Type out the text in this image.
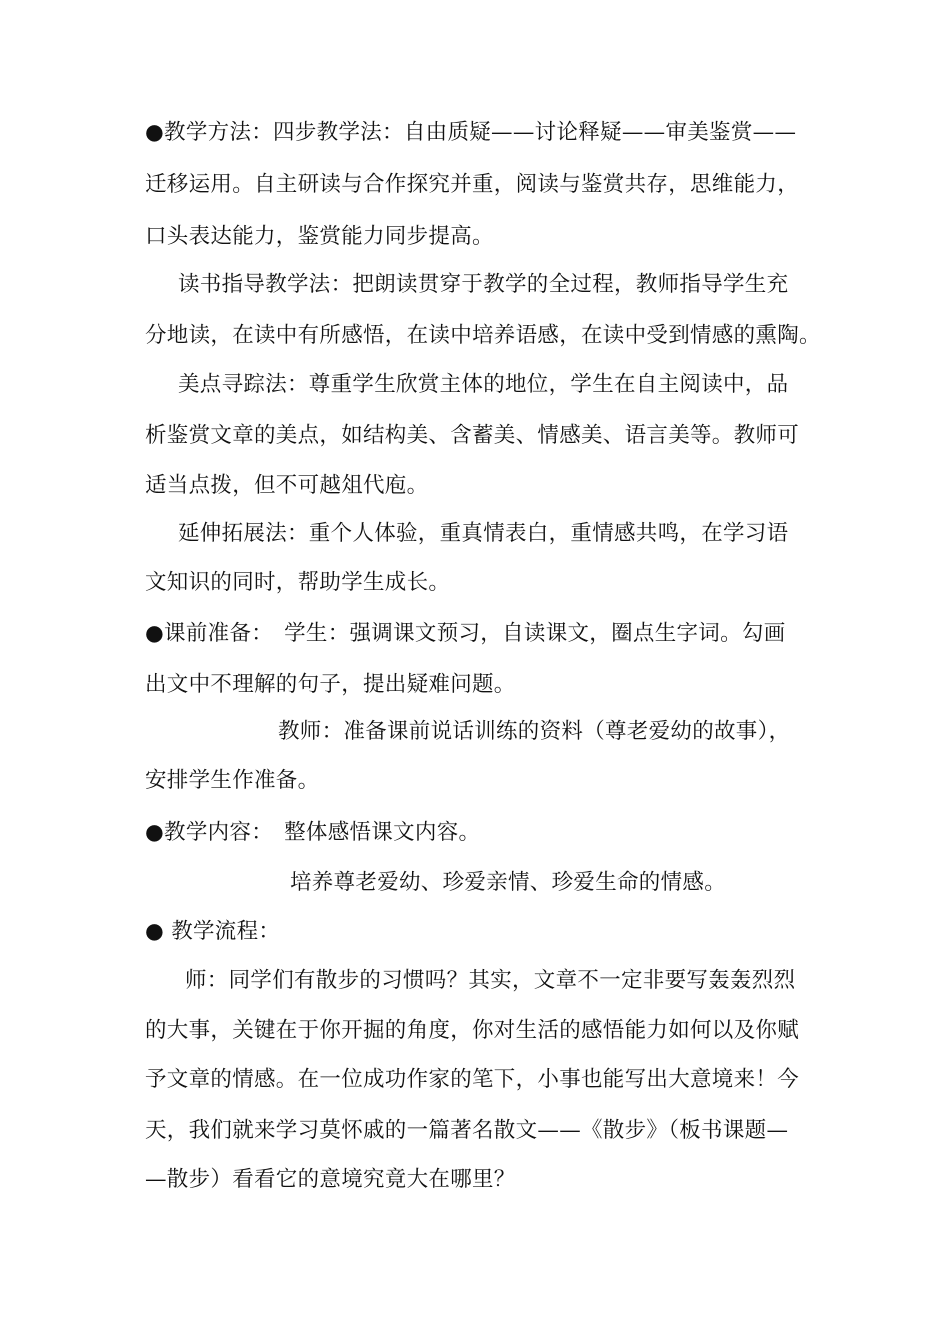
●教学方法：四步教学法：自由质疑——讨论释疑——审美鉴赏——
迁移运用。自主研读与合作探究并重，阅读与鉴赏共存，思维能力，
口头表达能力，鉴赏能力同步提高。
读书指导教学法：把朗读贯穿于教学的全过程，教师指导学生充
分地读，在读中有所感悟，在读中培养语感，在读中受到情感的熏陶。
美点寻踪法：尊重学生欣赏主体的地位，学生在自主阅读中，品
析鉴赏文章的美点，如结构美、含蓄美、情感美、语言美等。教师可
适当点拨，但不可越俎代庖。
延伸拓展法：重个人体验，重真情表白，重情感共鸣，在学习语
文知识的同时，帮助学生成长。
●课前准备：　学生：强调课文预习，自读课文，圈点生字词。勾画
出文中不理解的句子，提出疑难问题。
教师：准备课前说话训练的资料（尊老爱幼的故事），
安排学生作准备。
●教学内容：　整体感悟课文内容。
培养尊老爱幼、珍爱亲情、珍爱生命的情感。
● 教学流程：
师：同学们有散步的习惯吗？其实，文章不一定非要写轰轰烈烈
的大事，关键在于你开掘的角度，你对生活的感悟能力如何以及你赋
予文章的情感。在一位成功作家的笔下，小事也能写出大意境来！今
天，我们就来学习莫怀戚的一篇著名散文——《散步》（板书课题—
—散步）看看它的意境究竟大在哪里？
